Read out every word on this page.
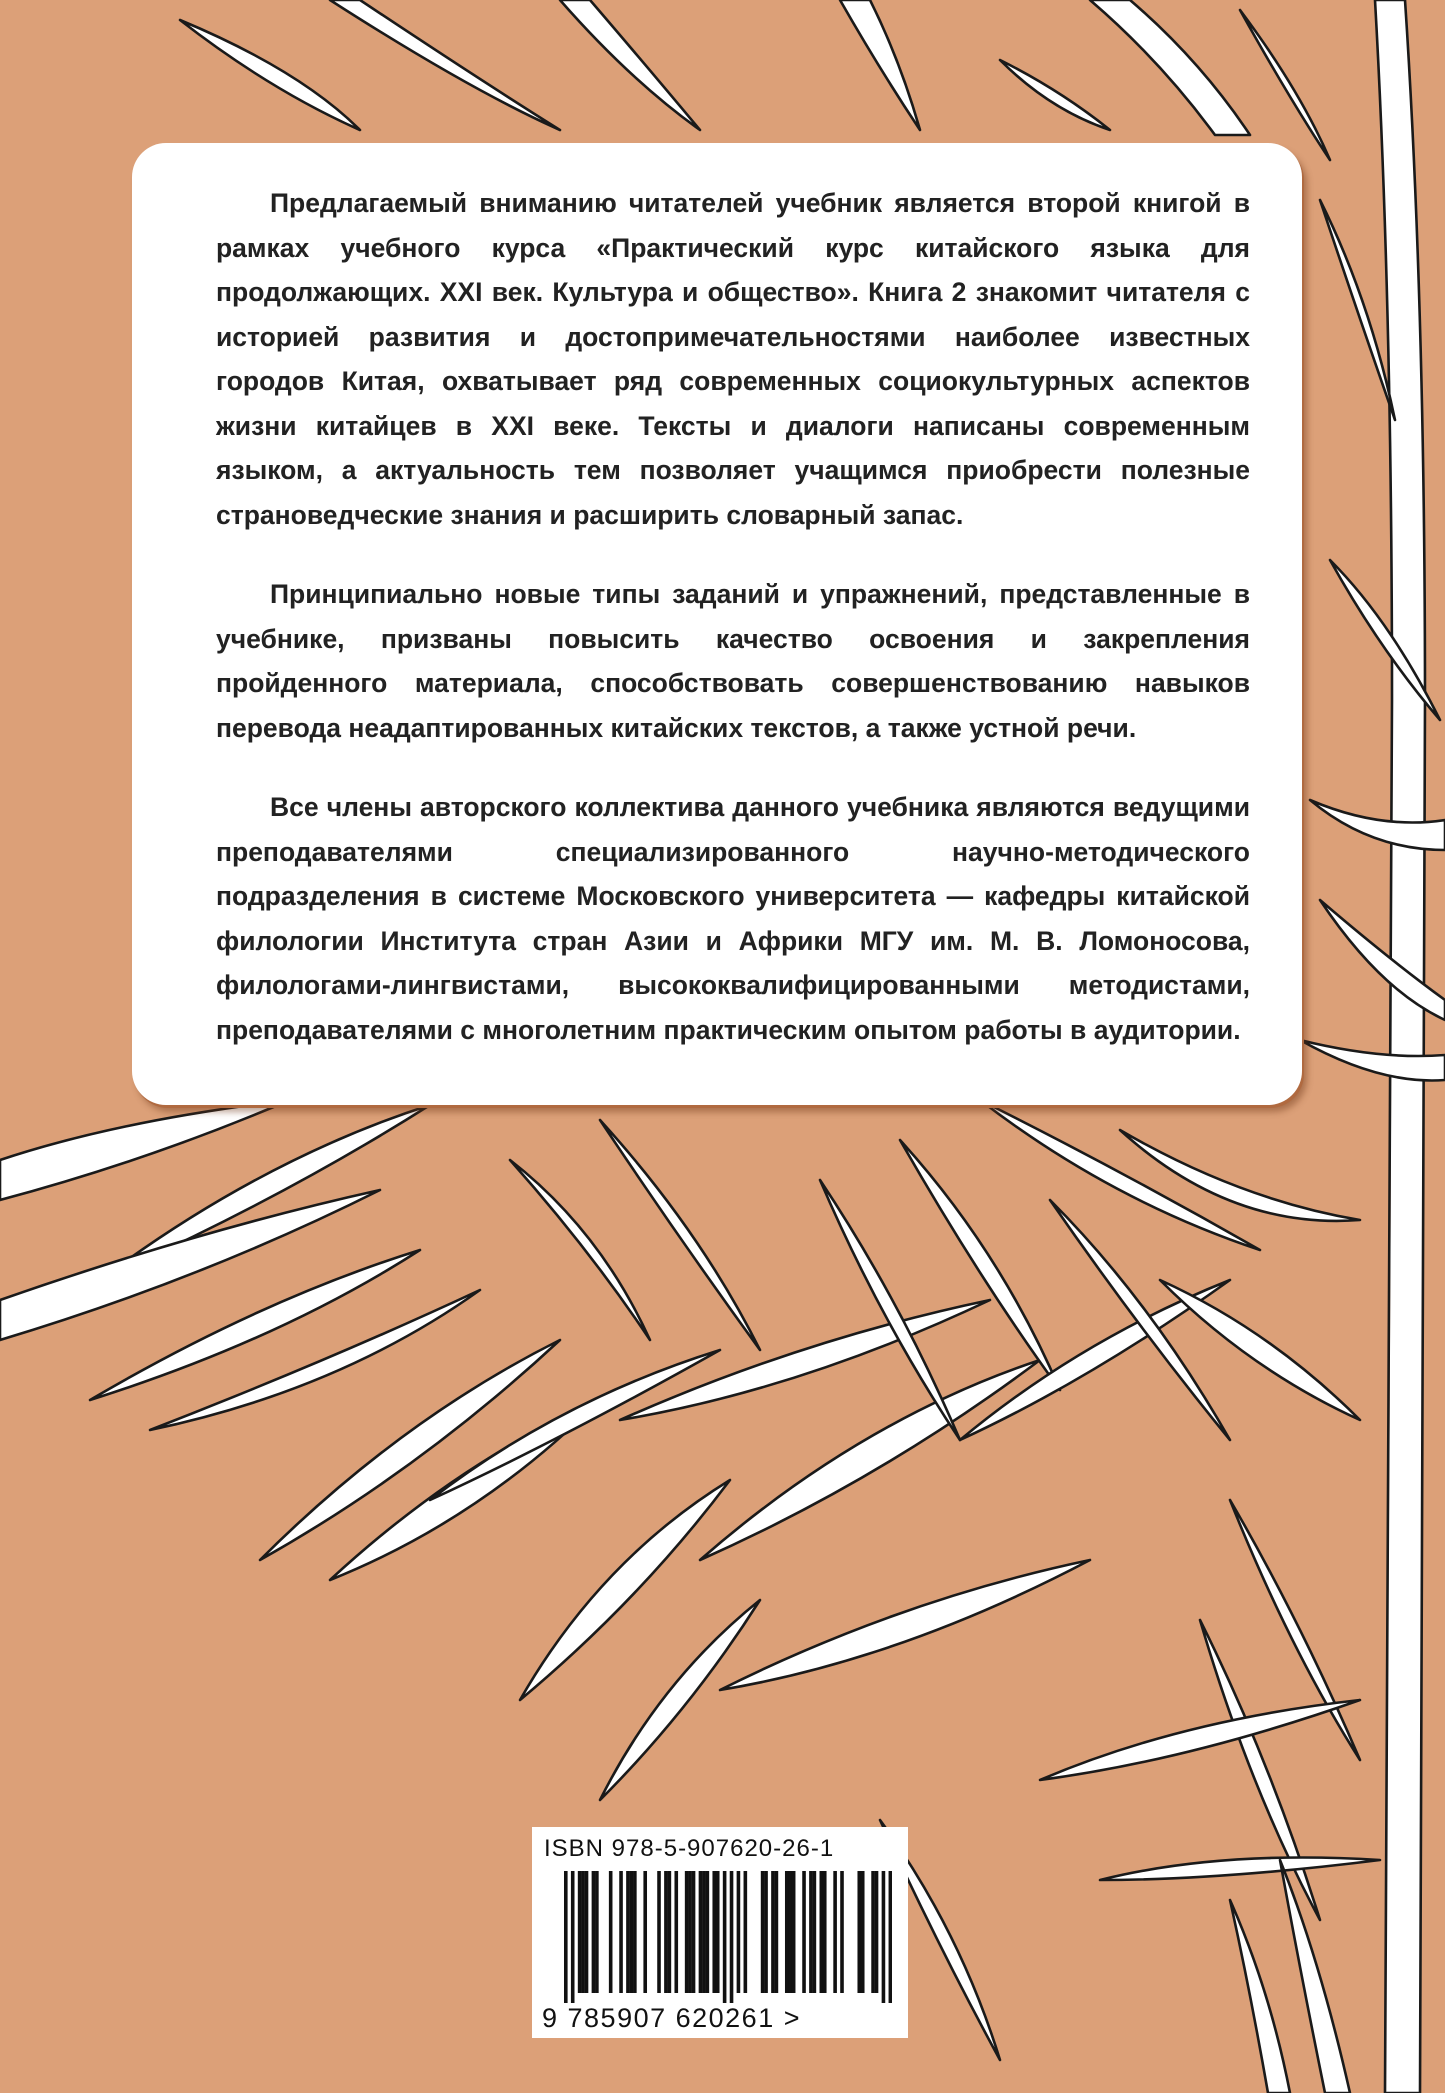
Предлагаемый вниманию читателей учебник является второй книгой в рамках учебного курса «Практический курс китайского языка для продолжающих. XXI век. Культура и общество». Книга 2 знакомит читателя с историей развития и достопримечательностями наиболее известных городов Китая, охватывает ряд современных социокультурных аспектов жизни китайцев в XXI веке. Тексты и диалоги написаны современным языком, а актуальность тем позволяет учащимся приобрести полезные страноведческие знания и расширить словарный запас.

Принципиально новые типы заданий и упражнений, представленные в учебнике, призваны повысить качество освоения и закрепления пройденного материала, способствовать совершенствованию навыков перевода неадаптированных китайских текстов, а также устной речи.

Все члены авторского коллектива данного учебника являются ведущими преподавателями специализированного научно-методического подразделения в системе Московского университета — кафедры китайской филологии Института стран Азии и Африки МГУ им. М. В. Ломоносова, филологами-лингвистами, высококвалифицированными методистами, преподавателями с многолетним практическим опытом работы в аудитории.

ISBN 978-5-907620-26-1
9 785907 620261 >
